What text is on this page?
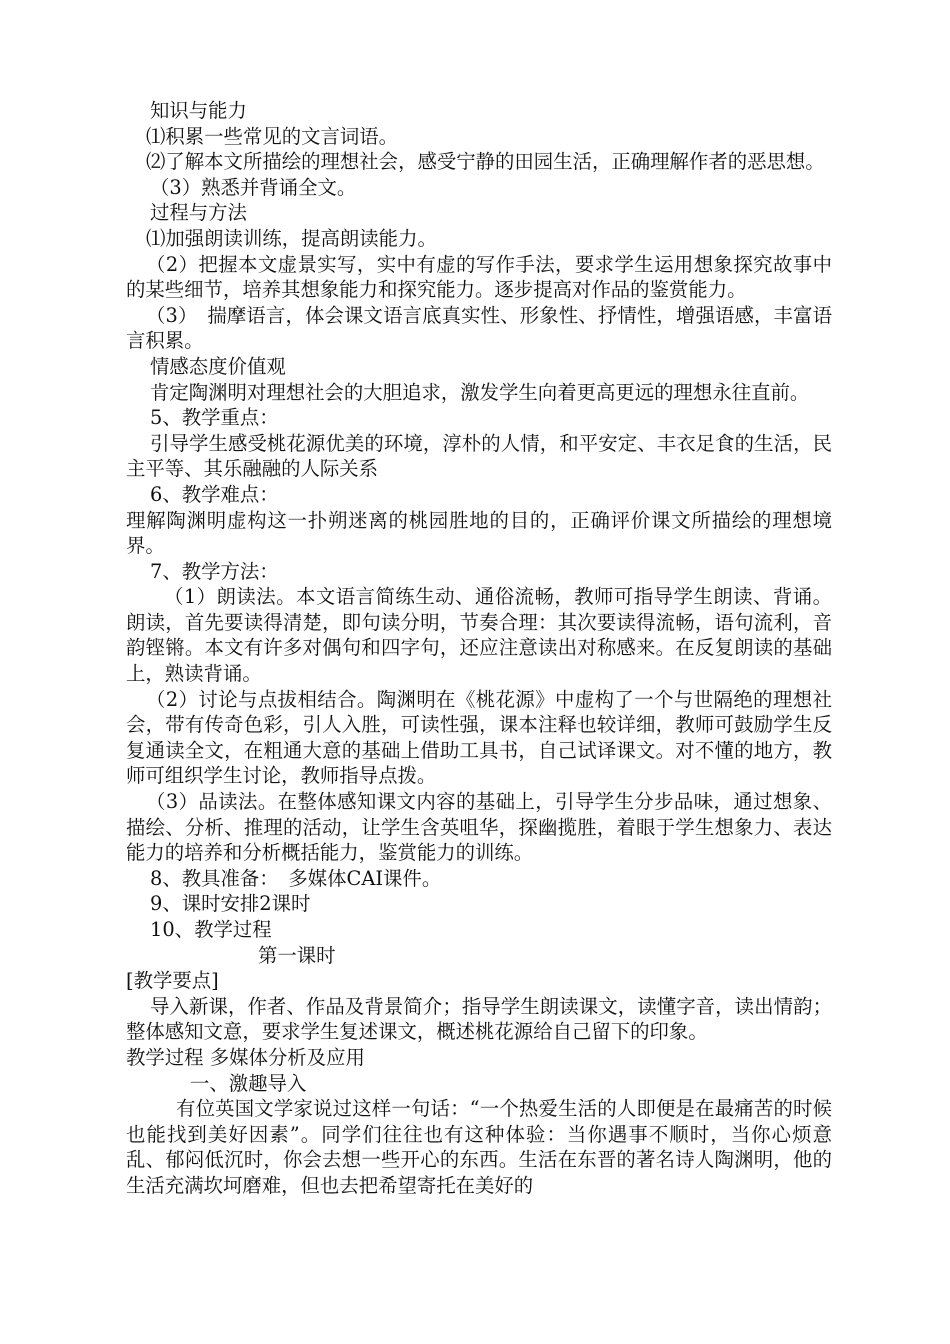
知识与能力

⑴积累一些常见的文言词语。

⑵了解本文所描绘的理想社会，感受宁静的田园生活，正确理解作者的恶思想。

（3）熟悉并背诵全文。

过程与方法

⑴加强朗读训练，提高朗读能力。

（2）把握本文虚景实写，实中有虚的写作手法，要求学生运用想象探究故事中的某些细节，培养其想象能力和探究能力。逐步提高对作品的鉴赏能力。

（3）　揣摩语言，体会课文语言底真实性、形象性、抒情性，增强语感，丰富语言积累。

情感态度价值观

肯定陶渊明对理想社会的大胆追求，激发学生向着更高更远的理想永往直前。

5、教学重点：

引导学生感受桃花源优美的环境，淳朴的人情，和平安定、丰衣足食的生活，民主平等、其乐融融的人际关系

6、教学难点：

理解陶渊明虚构这一扑朔迷离的桃园胜地的目的，正确评价课文所描绘的理想境界。

7、教学方法：

（1）朗读法。本文语言简练生动、通俗流畅，教师可指导学生朗读、背诵。朗读，首先要读得清楚，即句读分明，节奏合理：其次要读得流畅，语句流利，音韵铿锵。本文有许多对偶句和四字句，还应注意读出对称感来。在反复朗读的基础上，熟读背诵。

（2）讨论与点拔相结合。陶渊明在《桃花源》中虚构了一个与世隔绝的理想社会，带有传奇色彩，引人入胜，可读性强，课本注释也较详细，教师可鼓励学生反复通读全文，在粗通大意的基础上借助工具书，自己试译课文。对不懂的地方，教师可组织学生讨论，教师指导点拨。

（3）品读法。在整体感知课文内容的基础上，引导学生分步品味，通过想象、描绘、分析、推理的活动，让学生含英咀华，探幽揽胜，着眼于学生想象力、表达能力的培养和分析概括能力，鉴赏能力的训练。

8、教具准备：　多媒体CAI课件。

9、课时安排2课时

10、教学过程

第一课时

[教学要点]

导入新课，作者、作品及背景简介；指导学生朗读课文，读懂字音，读出情韵；整体感知文意，要求学生复述课文，概述桃花源给自己留下的印象。

教学过程 多媒体分析及应用

一、激趣导入

有位英国文学家说过这样一句话：“一个热爱生活的人即便是在最痛苦的时候也能找到美好因素”。同学们往往也有这种体验：当你遇事不顺时，当你心烦意乱、郁闷低沉时，你会去想一些开心的东西。生活在东晋的著名诗人陶渊明，他的生活充满坎坷磨难，但也去把希望寄托在美好的
